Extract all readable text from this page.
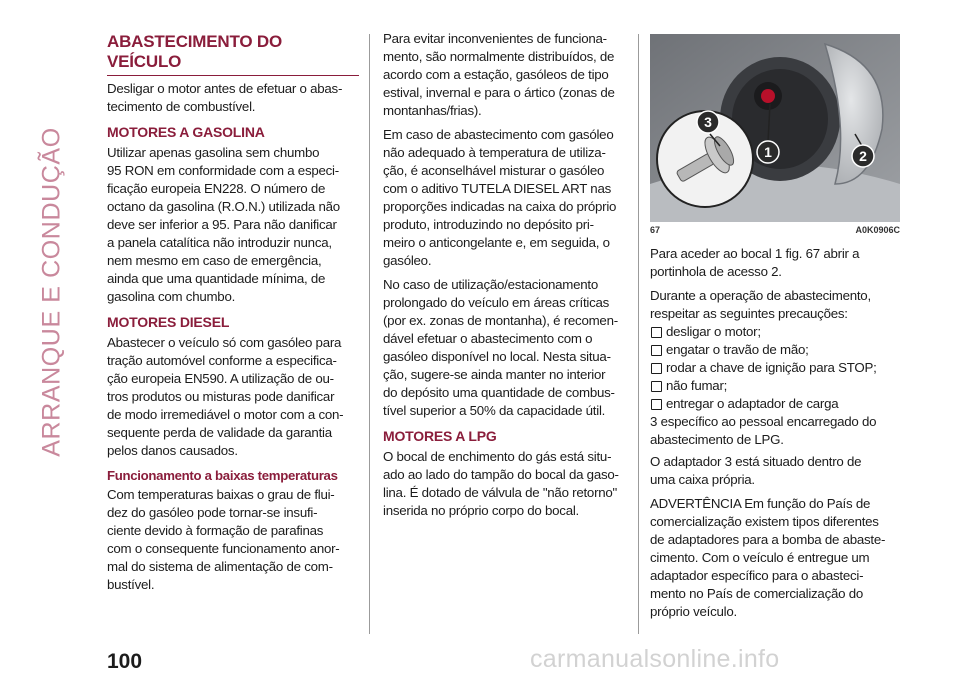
ARRANQUE E CONDUÇÃO
ABASTECIMENTO DO VEÍCULO

Desligar o motor antes de efetuar o abas-
tecimento de combustível.

MOTORES A GASOLINA

Utilizar apenas gasolina sem chumbo
95 RON em conformidade com a especi-
ficação europeia EN228. O número de
octano da gasolina (R.O.N.) utilizada não
deve ser inferior a 95. Para não danificar
a panela catalítica não introduzir nunca,
nem mesmo em caso de emergência,
ainda que uma quantidade mínima, de
gasolina com chumbo.

MOTORES DIESEL

Abastecer o veículo só com gasóleo para
tração automóvel conforme a especifica-
ção europeia EN590. A utilização de ou-
tros produtos ou misturas pode danificar
de modo irremediável o motor com a con-
sequente perda de validade da garantia
pelos danos causados.

Funcionamento a baixas temperaturas

Com temperaturas baixas o grau de flui-
dez do gasóleo pode tornar-se insufi-
ciente devido à formação de parafinas
com o consequente funcionamento anor-
mal do sistema de alimentação de com-
bustível.

Para evitar inconvenientes de funciona-
mento, são normalmente distribuídos, de
acordo com a estação, gasóleos de tipo
estival, invernal e para o ártico (zonas de
montanhas/frias).

Em caso de abastecimento com gasóleo
não adequado à temperatura de utiliza-
ção, é aconselhável misturar o gasóleo
com o aditivo TUTELA DIESEL ART nas
proporções indicadas na caixa do próprio
produto, introduzindo no depósito pri-
meiro o anticongelante e, em seguida, o
gasóleo.

No caso de utilização/estacionamento
prolongado do veículo em áreas críticas
(por ex. zonas de montanha), é recomen-
dável efetuar o abastecimento com o
gasóleo disponível no local. Nesta situa-
ção, sugere-se ainda manter no interior
do depósito uma quantidade de combus-
tível superior a 50% da capacidade útil.

MOTORES A LPG

O bocal de enchimento do gás está situ-
ado ao lado do tampão do bocal da gaso-
lina. É dotado de válvula de "não retorno"
inserida no próprio corpo do bocal.

3
1	2
67	A0K0906C

Para aceder ao bocal 1 fig. 67 abrir a
portinhola de acesso 2.

Durante a operação de abastecimento,
respeitar as seguintes precauções:

desligar o motor;
engatar o travão de mão;
rodar a chave de ignição para STOP;
não fumar;
entregar o adaptador de carga
3 específico ao pessoal encarregado do
abastecimento de LPG.

O adaptador 3 está situado dentro de
uma caixa própria.

ADVERTÊNCIA Em função do País de
comercialização existem tipos diferentes
de adaptadores para a bomba de abaste-
cimento. Com o veículo é entregue um
adaptador específico para o abasteci-
mento no País de comercialização do
próprio veículo.

100	carmanualsonline.info
